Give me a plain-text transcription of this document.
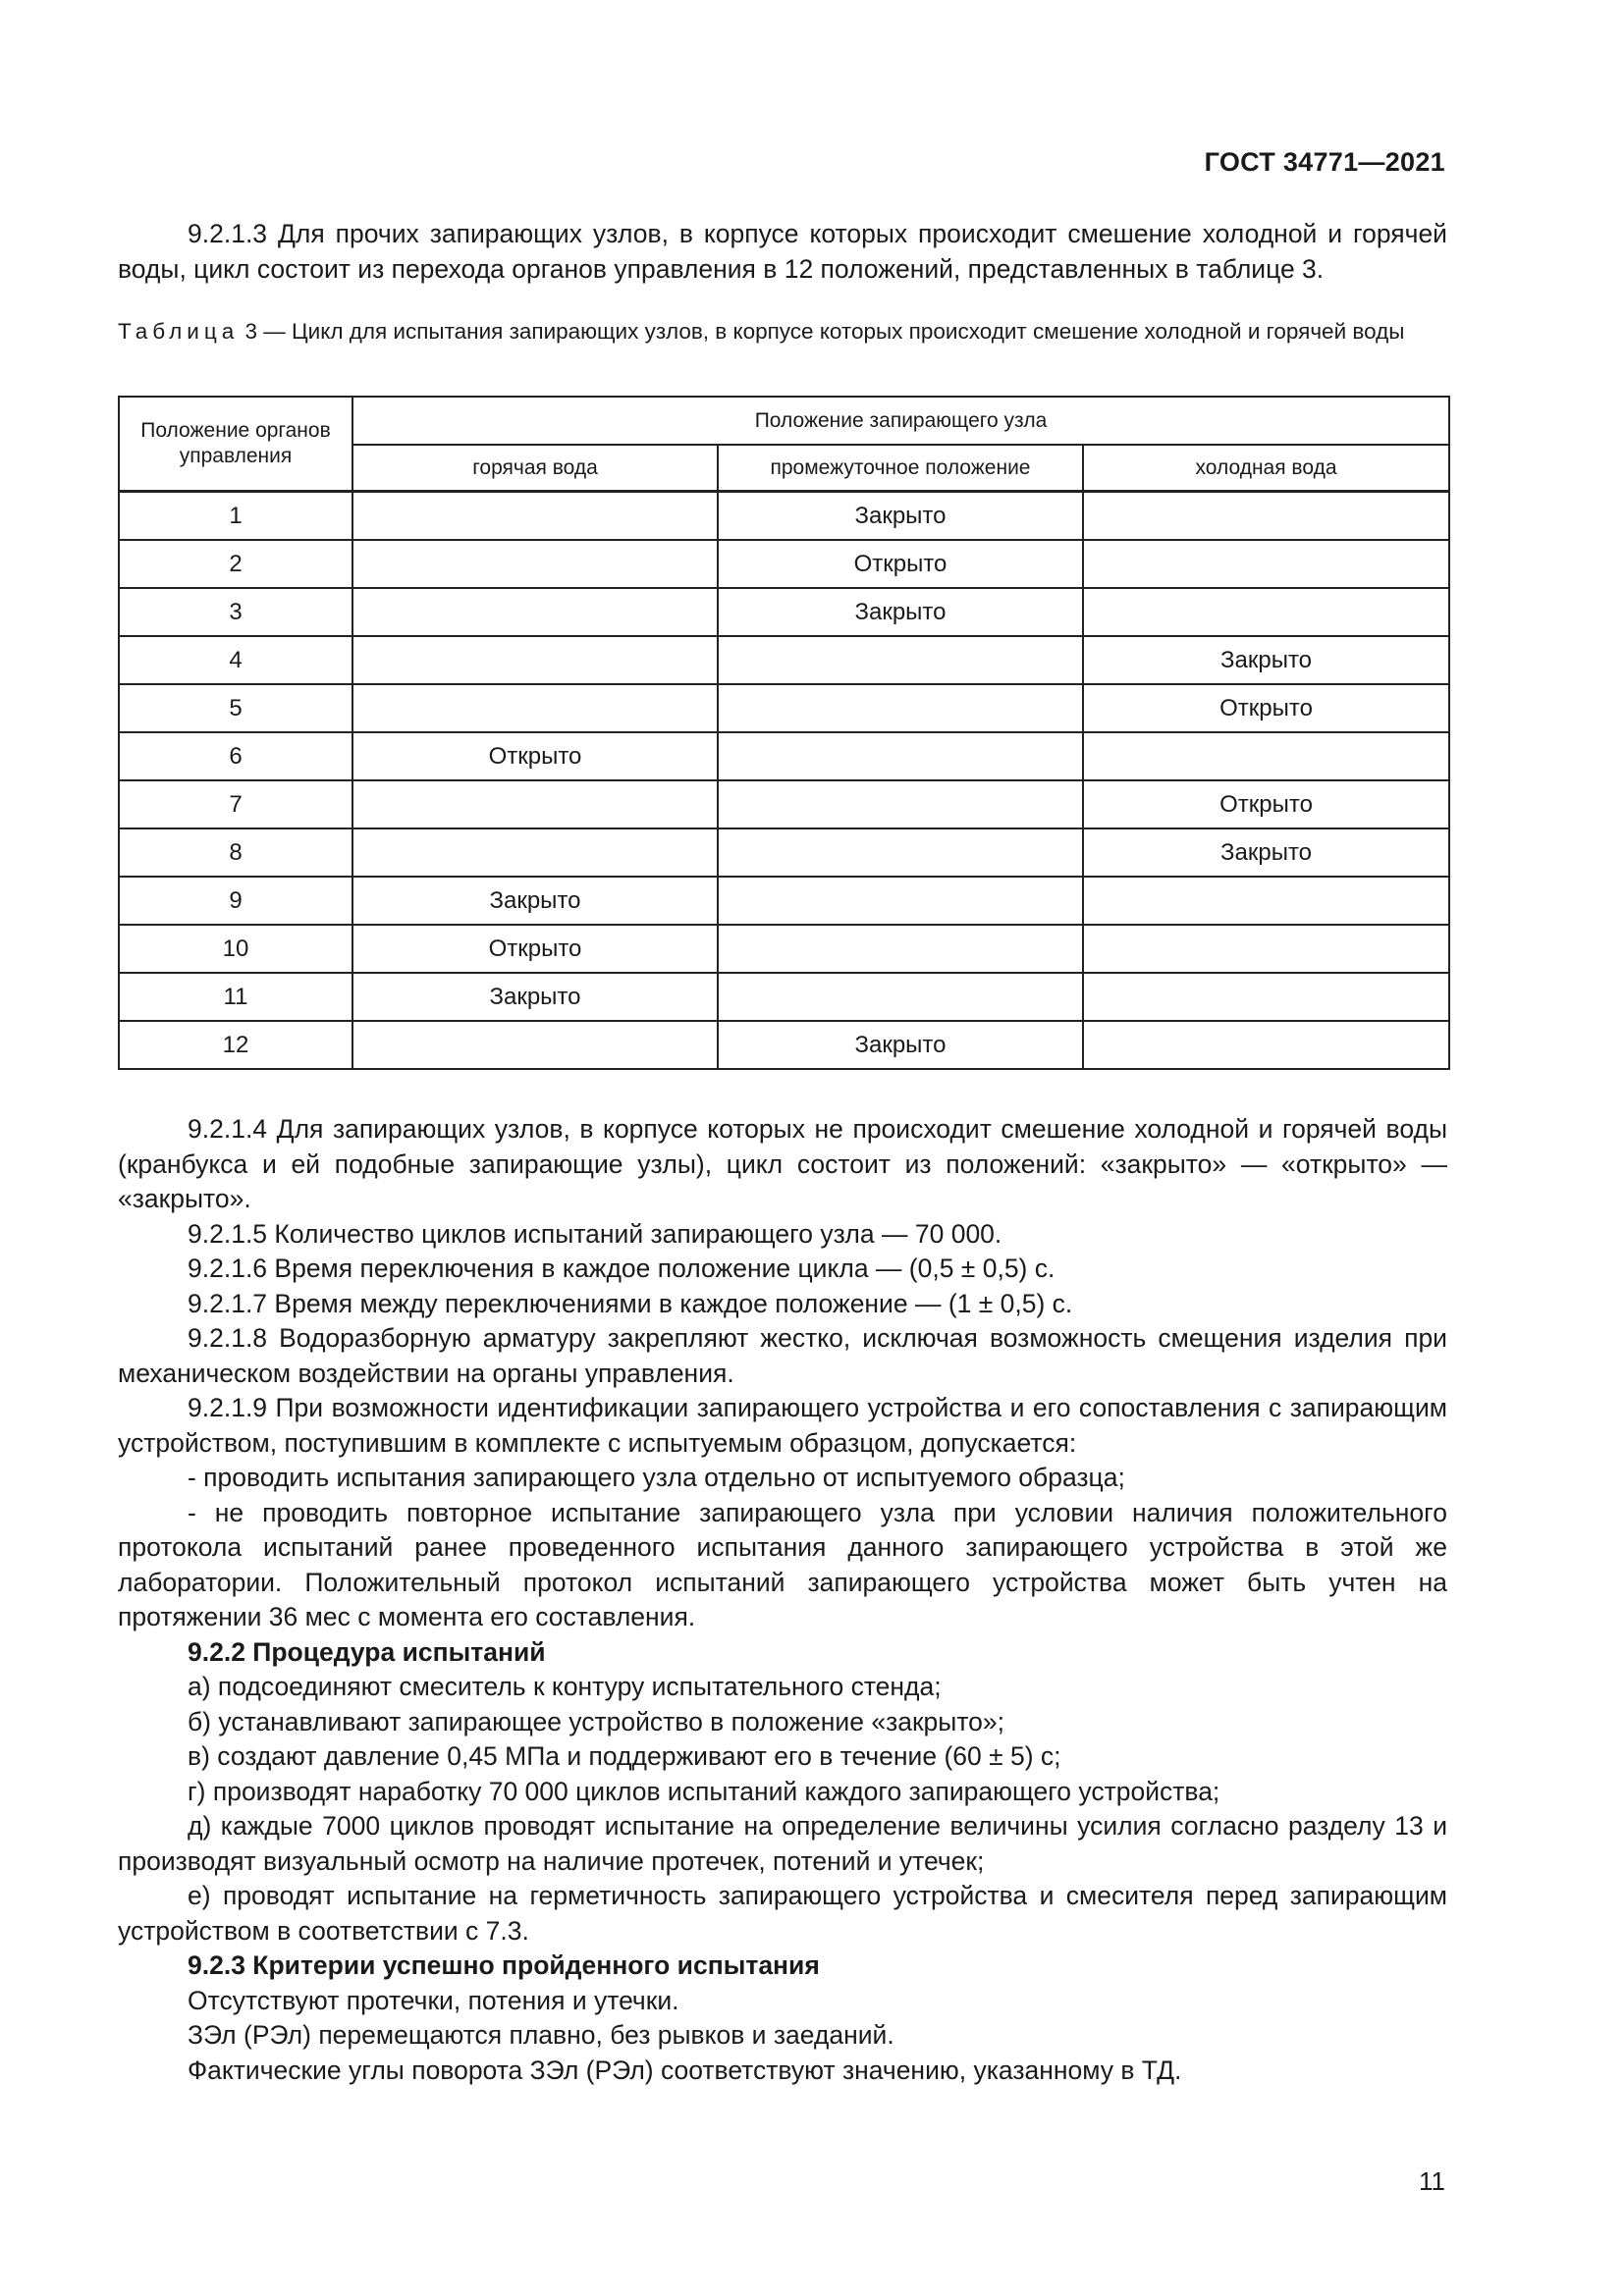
ГОСТ 34771—2021

9.2.1.3 Для прочих запирающих узлов, в корпусе которых происходит смешение холодной и горячей воды, цикл состоит из перехода органов управления в 12 положений, представленных в таблице 3.

Таблица 3 — Цикл для испытания запирающих узлов, в корпусе которых происходит смешение холодной и горячей воды

Положение органов управления	Положение запирающего узла		
	горячая вода	промежуточное положение	холодная вода
1		Закрыто	
2		Открыто	
3		Закрыто	
4			Закрыто
5			Открыто
6	Открыто		
7			Открыто
8			Закрыто
9	Закрыто		
10	Открыто		
11	Закрыто		
12		Закрыто	

9.2.1.4 Для запирающих узлов, в корпусе которых не происходит смешение холодной и горячей воды (кранбукса и ей подобные запирающие узлы), цикл состоит из положений: «закрыто» — «открыто» — «закрыто».

9.2.1.5 Количество циклов испытаний запирающего узла — 70 000.

9.2.1.6 Время переключения в каждое положение цикла — (0,5 ± 0,5) с.

9.2.1.7 Время между переключениями в каждое положение — (1 ± 0,5) с.

9.2.1.8 Водоразборную арматуру закрепляют жестко, исключая возможность смещения изделия при механическом воздействии на органы управления.

9.2.1.9 При возможности идентификации запирающего устройства и его сопоставления с запирающим устройством, поступившим в комплекте с испытуемым образцом, допускается:

- проводить испытания запирающего узла отдельно от испытуемого образца;

- не проводить повторное испытание запирающего узла при условии наличия положительного протокола испытаний ранее проведенного испытания данного запирающего устройства в этой же лаборатории. Положительный протокол испытаний запирающего устройства может быть учтен на протяжении 36 мес с момента его составления.

9.2.2 Процедура испытаний

а) подсоединяют смеситель к контуру испытательного стенда;

б) устанавливают запирающее устройство в положение «закрыто»;

в) создают давление 0,45 МПа и поддерживают его в течение (60 ± 5) с;

г) производят наработку 70 000 циклов испытаний каждого запирающего устройства;

д) каждые 7000 циклов проводят испытание на определение величины усилия согласно разделу 13 и производят визуальный осмотр на наличие протечек, потений и утечек;

е) проводят испытание на герметичность запирающего устройства и смесителя перед запирающим устройством в соответствии с 7.3.

9.2.3 Критерии успешно пройденного испытания

Отсутствуют протечки, потения и утечки.

ЗЭл (РЭл) перемещаются плавно, без рывков и заеданий.

Фактические углы поворота ЗЭл (РЭл) соответствуют значению, указанному в ТД.

11
